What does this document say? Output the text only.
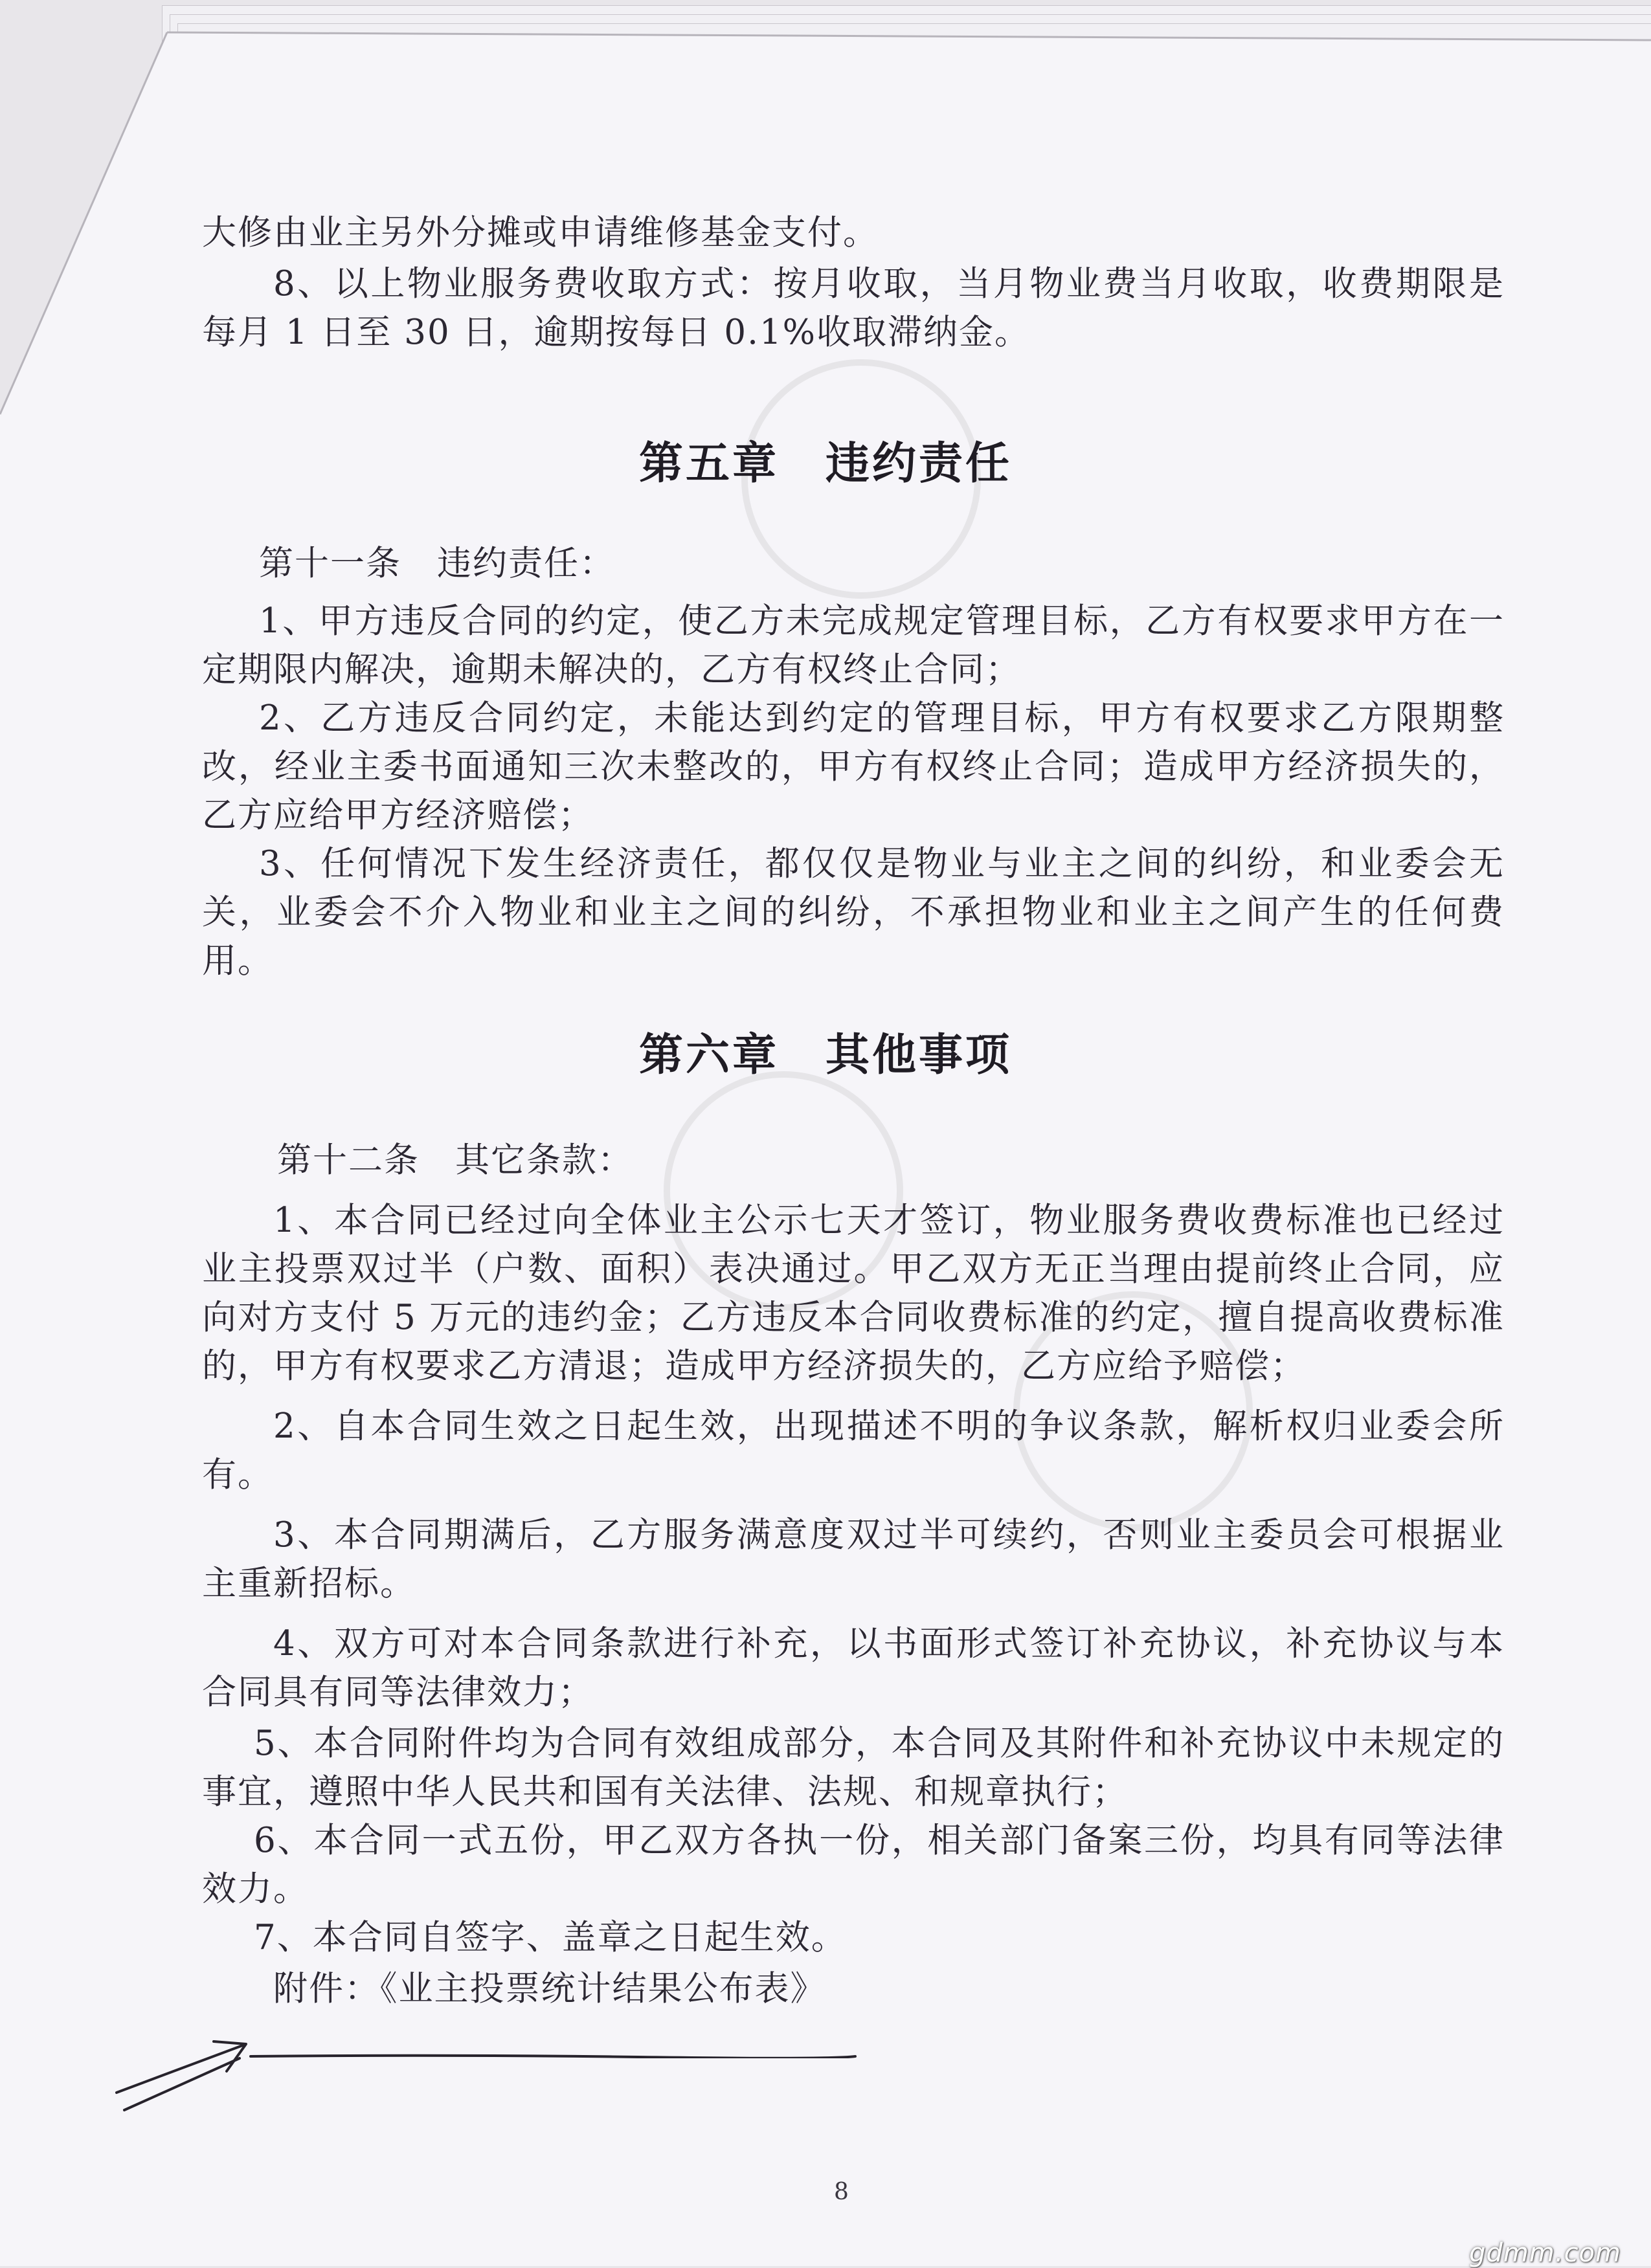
大修由业主另外分摊或申请维修基金支付。

8、以上物业服务费收取方式：按月收取，当月物业费当月收取，收费期限是每月 1 日至 30 日，逾期按每日 0.1%收取滞纳金。

第五章　违约责任
第十一条　违约责任：

1、甲方违反合同的约定，使乙方未完成规定管理目标，乙方有权要求甲方在一定期限内解决，逾期未解决的，乙方有权终止合同；

2、乙方违反合同约定，未能达到约定的管理目标，甲方有权要求乙方限期整改，经业主委书面通知三次未整改的，甲方有权终止合同；造成甲方经济损失的，乙方应给甲方经济赔偿；

3、任何情况下发生经济责任，都仅仅是物业与业主之间的纠纷，和业委会无关，业委会不介入物业和业主之间的纠纷，不承担物业和业主之间产生的任何费用。

第六章　其他事项
第十二条　其它条款：

1、本合同已经过向全体业主公示七天才签订，物业服务费收费标准也已经过业主投票双过半（户数、面积）表决通过。甲乙双方无正当理由提前终止合同，应向对方支付 5 万元的违约金；乙方违反本合同收费标准的约定，擅自提高收费标准的，甲方有权要求乙方清退；造成甲方经济损失的，乙方应给予赔偿；

2、自本合同生效之日起生效，出现描述不明的争议条款，解析权归业委会所有。

3、本合同期满后，乙方服务满意度双过半可续约，否则业主委员会可根据业主重新招标。

4、双方可对本合同条款进行补充，以书面形式签订补充协议，补充协议与本合同具有同等法律效力；

5、本合同附件均为合同有效组成部分，本合同及其附件和补充协议中未规定的事宜，遵照中华人民共和国有关法律、法规、和规章执行；

6、本合同一式五份，甲乙双方各执一份，相关部门备案三份，均具有同等法律效力。

7、本合同自签字、盖章之日起生效。

附件：《业主投票统计结果公布表》

8
gdmm.com
